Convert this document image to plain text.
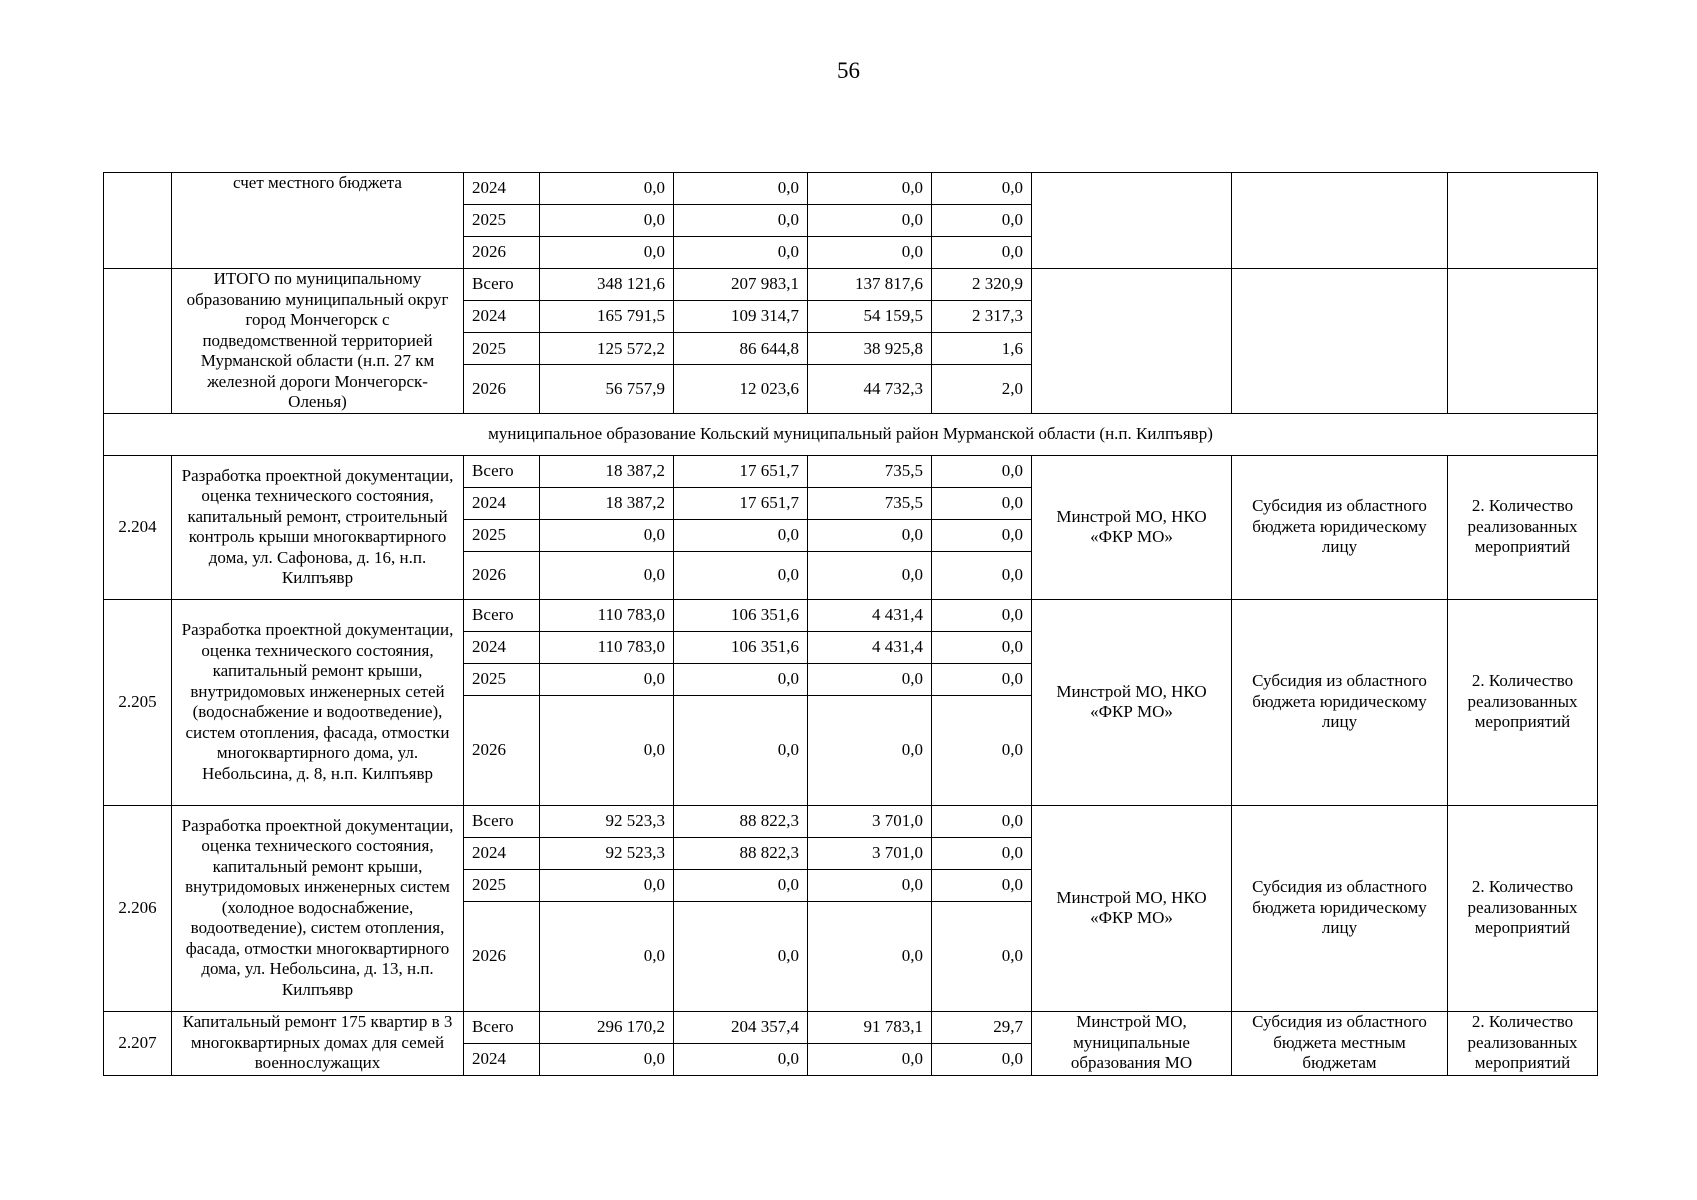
56
	счет местного бюджета	2024	0,0	0,0	0,0	0,0			
		2025	0,0	0,0	0,0	0,0			
		2026	0,0	0,0	0,0	0,0			
	ИТОГО по муниципальному образованию муниципальный округ город Мончегорск с подведомственной территорией Мурманской области (н.п. 27 км железной дороги Мончегорск-Оленья)	Всего	348 121,6	207 983,1	137 817,6	2 320,9			
		2024	165 791,5	109 314,7	54 159,5	2 317,3			
		2025	125 572,2	86 644,8	38 925,8	1,6			
		2026	56 757,9	12 023,6	44 732,3	2,0			
муниципальное образование Кольский муниципальный район Мурманской области (н.п. Килпъявр)									
2.204	Разработка проектной документации, оценка технического состояния, капитальный ремонт, строительный контроль крыши многоквартирного дома, ул. Сафонова, д. 16, н.п. Килпъявр	Всего	18 387,2	17 651,7	735,5	0,0	Минстрой МО, НКО «ФКР МО»	Субсидия из областного бюджета юридическому лицу	2. Количество реализованных мероприятий
		2024	18 387,2	17 651,7	735,5	0,0			
		2025	0,0	0,0	0,0	0,0			
		2026	0,0	0,0	0,0	0,0			
2.205	Разработка проектной документации, оценка технического состояния, капитальный ремонт крыши, внутридомовых инженерных сетей (водоснабжение и водоотведение), систем отопления, фасада, отмостки многоквартирного дома, ул. Небольсина, д. 8, н.п. Килпъявр	Всего	110 783,0	106 351,6	4 431,4	0,0	Минстрой МО, НКО «ФКР МО»	Субсидия из областного бюджета юридическому лицу	2. Количество реализованных мероприятий
		2024	110 783,0	106 351,6	4 431,4	0,0			
		2025	0,0	0,0	0,0	0,0			
		2026	0,0	0,0	0,0	0,0			
2.206	Разработка проектной документации, оценка технического состояния, капитальный ремонт крыши, внутридомовых инженерных систем (холодное водоснабжение, водоотведение), систем отопления, фасада, отмостки многоквартирного дома, ул. Небольсина, д. 13, н.п. Килпъявр	Всего	92 523,3	88 822,3	3 701,0	0,0	Минстрой МО, НКО «ФКР МО»	Субсидия из областного бюджета юридическому лицу	2. Количество реализованных мероприятий
		2024	92 523,3	88 822,3	3 701,0	0,0			
		2025	0,0	0,0	0,0	0,0			
		2026	0,0	0,0	0,0	0,0			
2.207	Капитальный ремонт 175 квартир в 3 многоквартирных домах для семей военнослужащих	Всего	296 170,2	204 357,4	91 783,1	29,7	Минстрой МО, муниципальные образования МО	Субсидия из областного бюджета местным бюджетам	2. Количество реализованных мероприятий
		2024	0,0	0,0	0,0	0,0			
